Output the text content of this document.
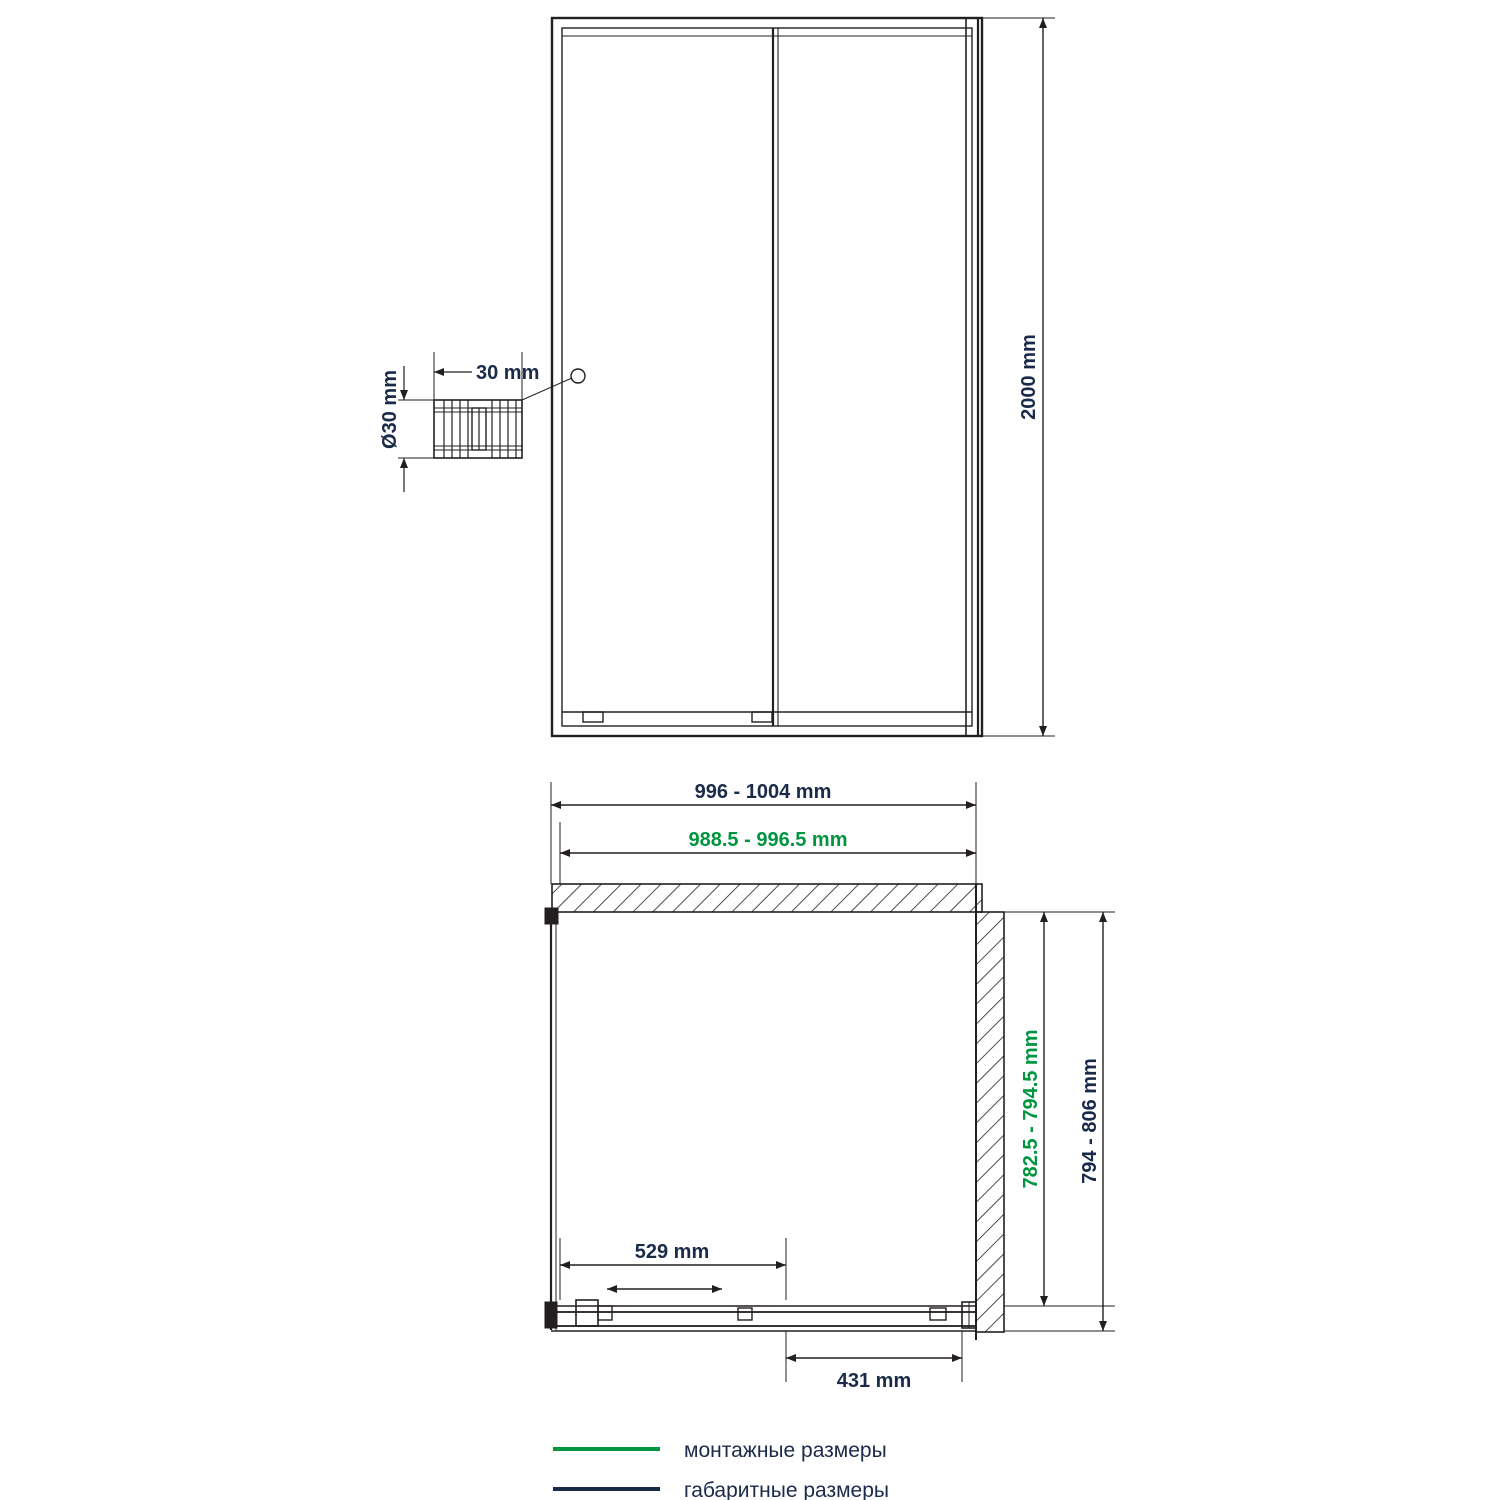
2000 mm
Ø30 mm	30 mm
996 - 1004 mm
988.5 - 996.5 mm
782.5 - 794.5 mm 794 - 806 mm
529 mm
431 mm
монтажные размеры
габаритные размеры
